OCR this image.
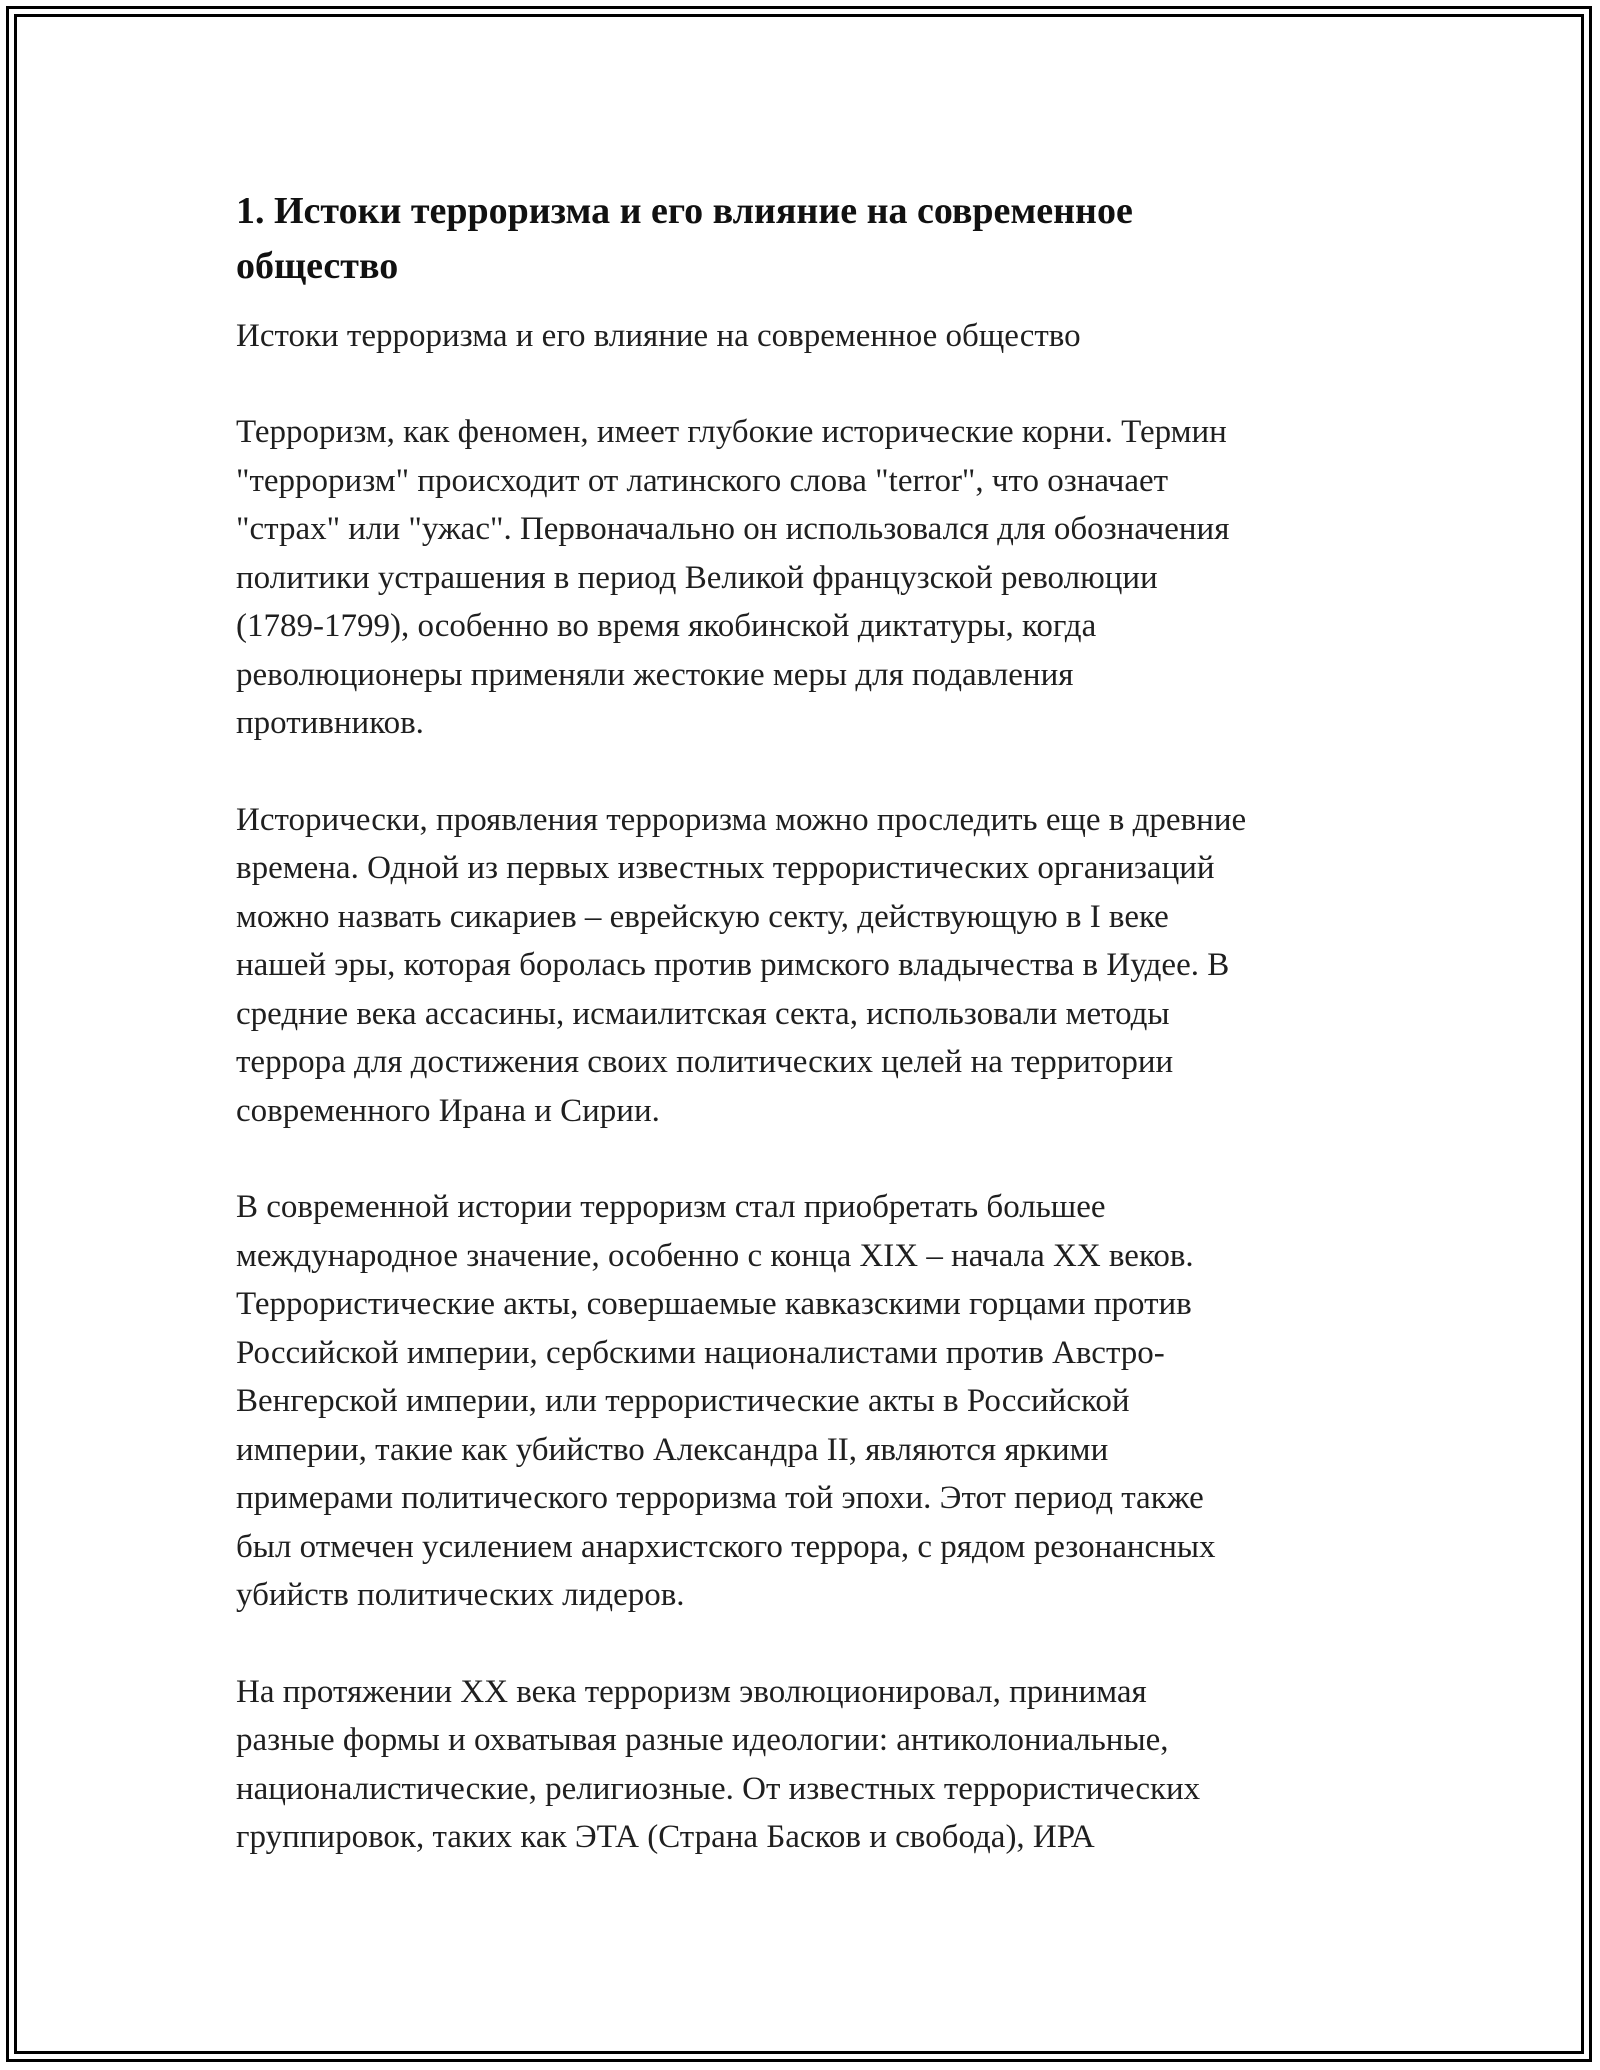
1. Истоки терроризма и его влияние на современное
общество

Истоки терроризма и его влияние на современное общество

Терроризм, как феномен, имеет глубокие исторические корни. Термин
"терроризм" происходит от латинского слова "terror", что означает
"страх" или "ужас". Первоначально он использовался для обозначения
политики устрашения в период Великой французской революции
(1789-1799), особенно во время якобинской диктатуры, когда
революционеры применяли жестокие меры для подавления
противников.

Исторически, проявления терроризма можно проследить еще в древние
времена. Одной из первых известных террористических организаций
можно назвать сикариев – еврейскую секту, действующую в I веке
нашей эры, которая боролась против римского владычества в Иудее. В
средние века ассасины, исмаилитская секта, использовали методы
террора для достижения своих политических целей на территории
современного Ирана и Сирии.

В современной истории терроризм стал приобретать большее
международное значение, особенно с конца XIX – начала XX веков.
Террористические акты, совершаемые кавказскими горцами против
Российской империи, сербскими националистами против Австро-
Венгерской империи, или террористические акты в Российской
империи, такие как убийство Александра II, являются яркими
примерами политического терроризма той эпохи. Этот период также
был отмечен усилением анархистского террора, с рядом резонансных
убийств политических лидеров.

На протяжении XX века терроризм эволюционировал, принимая
разные формы и охватывая разные идеологии: антиколониальные,
националистические, религиозные. От известных террористических
группировок, таких как ЭТА (Страна Басков и свобода), ИРА
